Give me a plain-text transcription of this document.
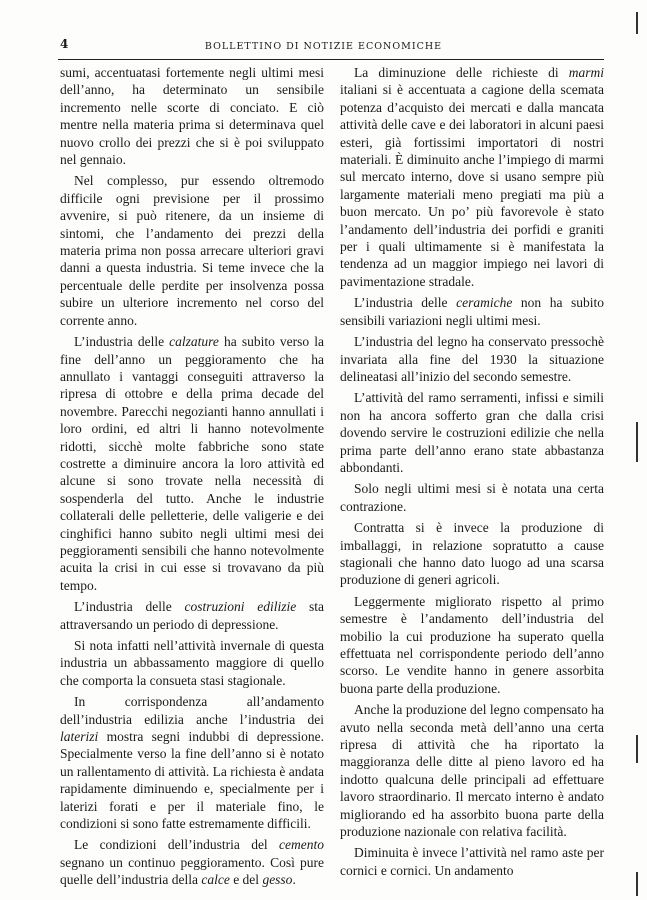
4	BOLLETTINO DI NOTIZIE ECONOMICHE

sumi, accentuatasi fortemente negli ultimi mesi dell’anno, ha determinato un sensibile incremento nelle scorte di conciato. E ciò mentre nella materia prima si determinava quel nuovo crollo dei prezzi che si è poi sviluppato nel gennaio.

Nel complesso, pur essendo oltremodo difficile ogni previsione per il prossimo avvenire, si può ritenere, da un insieme di sintomi, che l’andamento dei prezzi della materia prima non possa arrecare ulteriori gravi danni a questa industria. Si teme invece che la percentuale delle perdite per insolvenza possa subire un ulteriore incremento nel corso del corrente anno.

L’industria delle calzature ha subito verso la fine dell’anno un peggioramento che ha annullato i vantaggi conseguiti attraverso la ripresa di ottobre e della prima decade del novembre. Parecchi negozianti hanno annullati i loro ordini, ed altri li hanno notevolmente ridotti, sicchè molte fabbriche sono state costrette a diminuire ancora la loro attività ed alcune si sono trovate nella necessità di sospenderla del tutto. Anche le industrie collaterali delle pelletterie, delle valigerie e dei cinghifici hanno subito negli ultimi mesi dei peggioramenti sensibili che hanno notevolmente acuita la crisi in cui esse si trovavano da più tempo.

L’industria delle costruzioni edilizie sta attraversando un periodo di depressione.

Si nota infatti nell’attività invernale di questa industria un abbassamento maggiore di quello che comporta la consueta stasi stagionale.

In corrispondenza all’andamento dell’industria edilizia anche l’industria dei laterizi mostra segni indubbi di depressione. Specialmente verso la fine dell’anno si è notato un rallentamento di attività. La richiesta è andata rapidamente diminuendo e, specialmente per i laterizi forati e per il materiale fino, le condizioni si sono fatte estremamente difficili.

Le condizioni dell’industria del cemento segnano un continuo peggioramento. Così pure quelle dell’industria della calce e del gesso.

La diminuzione delle richieste di marmi italiani si è accentuata a cagione della scemata potenza d’acquisto dei mercati e dalla mancata attività delle cave e dei laboratori in alcuni paesi esteri, già fortissimi importatori di nostri materiali. È diminuito anche l’impiego di marmi sul mercato interno, dove si usano sempre più largamente materiali meno pregiati ma più a buon mercato. Un po’ più favorevole è stato l’andamento dell’industria dei porfidi e graniti per i quali ultimamente si è manifestata la tendenza ad un maggior impiego nei lavori di pavimentazione stradale.

L’industria delle ceramiche non ha subito sensibili variazioni negli ultimi mesi.

L’industria del legno ha conservato pressochè invariata alla fine del 1930 la situazione delineatasi all’inizio del secondo semestre.

L’attività del ramo serramenti, infissi e simili non ha ancora sofferto gran che dalla crisi dovendo servire le costruzioni edilizie che nella prima parte dell’anno erano state abbastanza abbondanti.

Solo negli ultimi mesi si è notata una certa contrazione.

Contratta si è invece la produzione di imballaggi, in relazione sopratutto a cause stagionali che hanno dato luogo ad una scarsa produzione di generi agricoli.

Leggermente migliorato rispetto al primo semestre è l’andamento dell’industria del mobilio la cui produzione ha superato quella effettuata nel corrispondente periodo dell’anno scorso. Le vendite hanno in genere assorbita buona parte della produzione.

Anche la produzione del legno compensato ha avuto nella seconda metà dell’anno una certa ripresa di attività che ha riportato la maggioranza delle ditte al pieno lavoro ed ha indotto qualcuna delle principali ad effettuare lavoro straordinario. Il mercato interno è andato migliorando ed ha assorbito buona parte della produzione nazionale con relativa facilità.

Diminuita è invece l’attività nel ramo aste per cornici e cornici. Un andamento
